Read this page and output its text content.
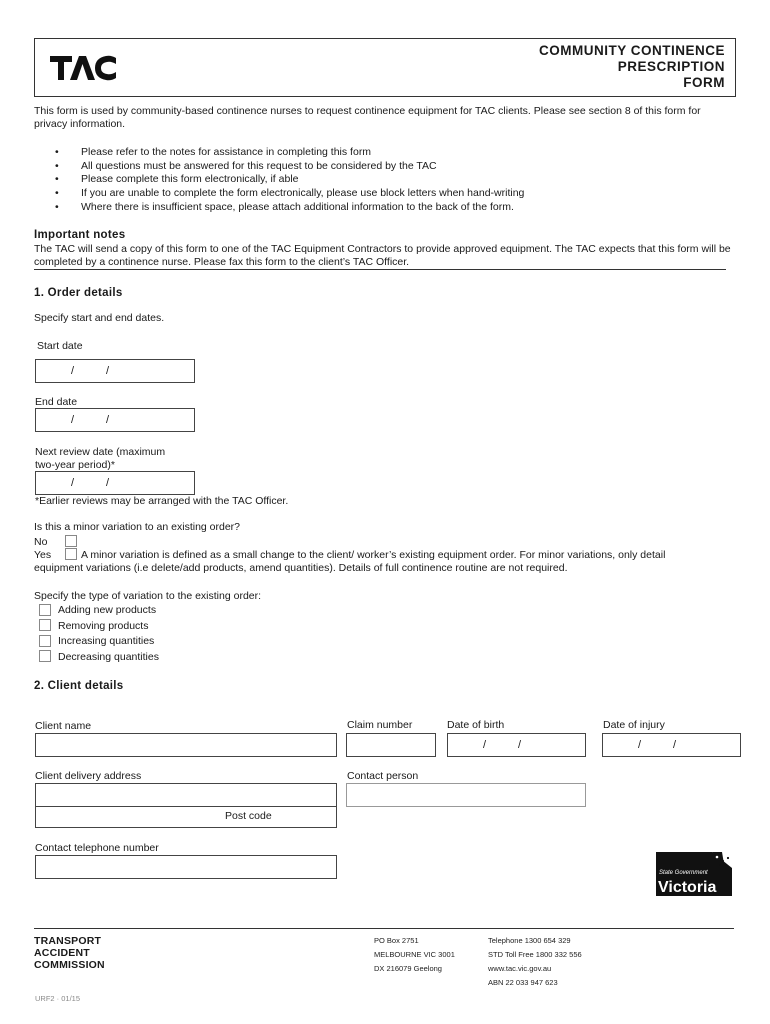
COMMUNITY CONTINENCE
PRESCRIPTION
FORM
This form is used by community-based continence nurses to request continence equipment for TAC clients. Please see section 8 of this form for privacy information.
• Please refer to the notes for assistance in completing this form
• All questions must be answered for this request to be considered by the TAC
• Please complete this form electronically, if able
• If you are unable to complete the form electronically, please use block letters when hand-writing
• Where there is insufficient space, please attach additional information to the back of the form.
Important notes
The TAC will send a copy of this form to one of the TAC Equipment Contractors to provide approved equipment. The TAC expects that this form will be completed by a continence nurse. Please fax this form to the client’s TAC Officer.
1. Order details
Specify start and end dates.
Start date
/	/
End date
/	/
Next review date (maximum
two-year period)*
/	/
*Earlier reviews may be arranged with the TAC Officer.
Is this a minor variation to an existing order?
No
Yes	A minor variation is defined as a small change to the client/ worker’s existing equipment order. For minor variations, only detail
equipment variations (i.e delete/add products, amend quantities). Details of full continence routine are not required.
Specify the type of variation to the existing order:
Adding new products
Removing products
Increasing quantities
Decreasing quantities
2. Client details
Client name	Claim number	Date of birth
/	/
Date of injury
/	/
Client delivery address
Post code
Contact person
Contact telephone number
State Government
Victoria
TRANSPORT
ACCIDENT
COMMISSION
PO Box 2751
MELBOURNE VIC 3001
DX 216079 Geelong
Telephone 1300 654 329
STD Toll Free 1800 332 556
www.tac.vic.gov.au
ABN 22 033 947 623
URF2 · 01/15
